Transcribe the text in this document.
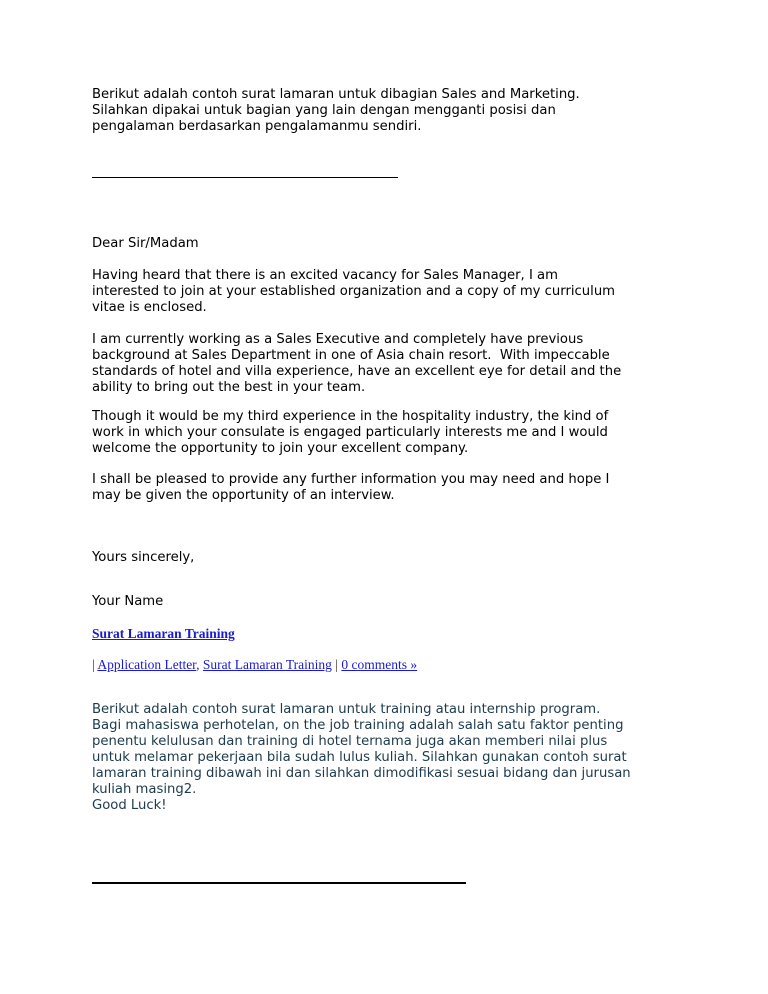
Berikut adalah contoh surat lamaran untuk dibagian Sales and Marketing.
Silahkan dipakai untuk bagian yang lain dengan mengganti posisi dan
pengalaman berdasarkan pengalamanmu sendiri.
Dear Sir/Madam
Having heard that there is an excited vacancy for Sales Manager, I am
interested to join at your established organization and a copy of my curriculum
vitae is enclosed.
I am currently working as a Sales Executive and completely have previous
background at Sales Department in one of Asia chain resort.  With impeccable
standards of hotel and villa experience, have an excellent eye for detail and the
ability to bring out the best in your team.
Though it would be my third experience in the hospitality industry, the kind of
work in which your consulate is engaged particularly interests me and I would
welcome the opportunity to join your excellent company.
I shall be pleased to provide any further information you may need and hope I
may be given the opportunity of an interview.
Yours sincerely,
Your Name
Surat Lamaran Training
| Application Letter, Surat Lamaran Training | 0 comments »
Berikut adalah contoh surat lamaran untuk training atau internship program.
Bagi mahasiswa perhotelan, on the job training adalah salah satu faktor penting
penentu kelulusan dan training di hotel ternama juga akan memberi nilai plus
untuk melamar pekerjaan bila sudah lulus kuliah. Silahkan gunakan contoh surat
lamaran training dibawah ini dan silahkan dimodifikasi sesuai bidang dan jurusan
kuliah masing2.
Good Luck!
